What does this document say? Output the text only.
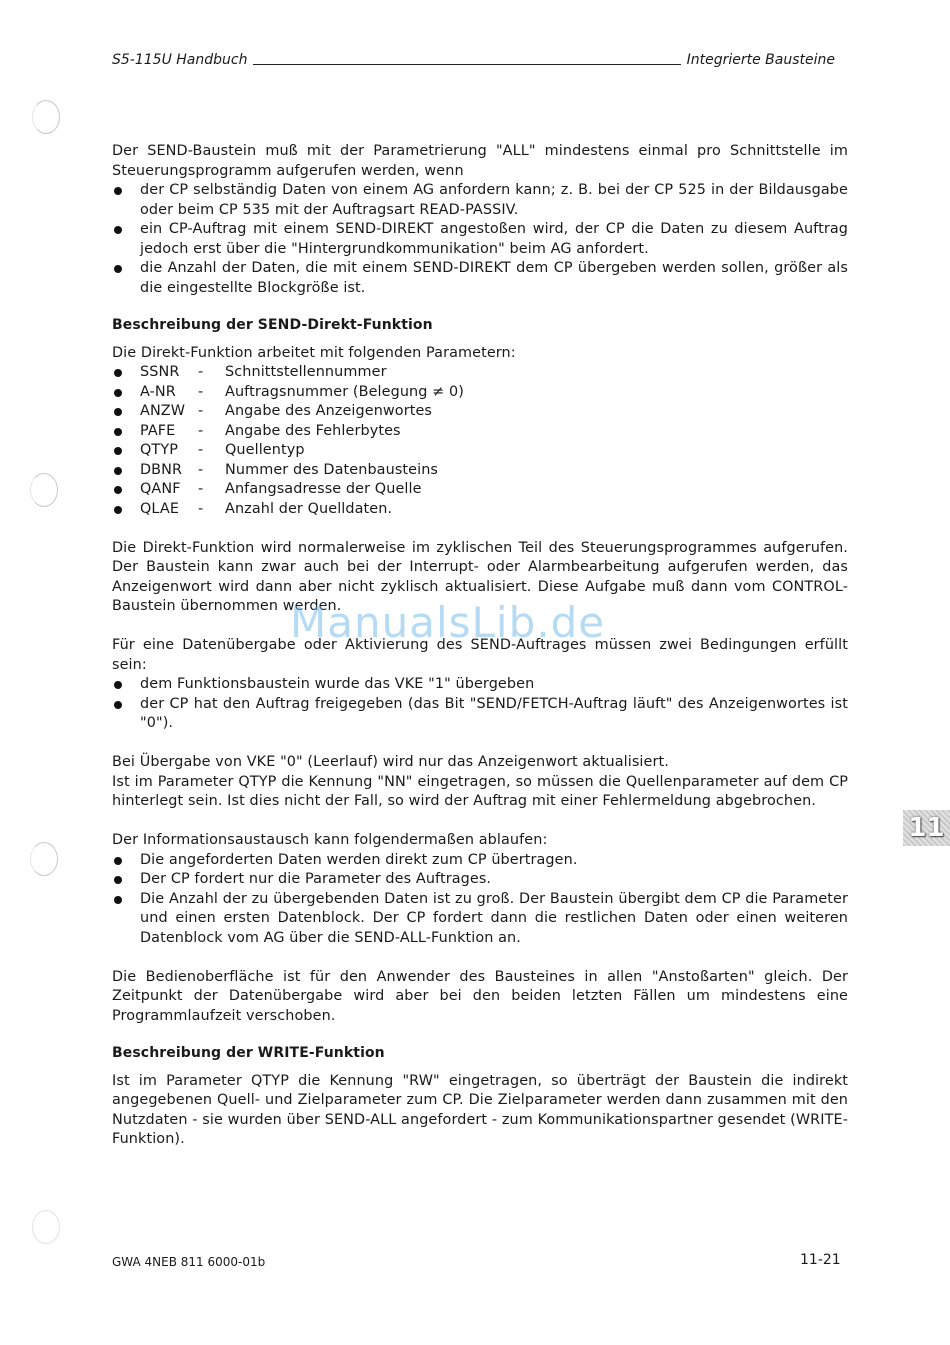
S5-115U Handbuch	Integrierte Bausteine

Der SEND-Baustein muß mit der Parametrierung "ALL" mindestens einmal pro Schnittstelle im Steuerungsprogramm aufgerufen werden, wenn

der CP selbständig Daten von einem AG anfordern kann; z. B. bei der CP 525 in der Bildausgabe oder beim CP 535 mit der Auftragsart READ-PASSIV.
ein CP-Auftrag mit einem SEND-DIREKT angestoßen wird, der CP die Daten zu diesem Auftrag jedoch erst über die "Hintergrundkommunikation" beim AG anfordert.
die Anzahl der Daten, die mit einem SEND-DIREKT dem CP übergeben werden sollen, größer als die eingestellte Blockgröße ist.

Beschreibung der SEND-Direkt-Funktion

Die Direkt-Funktion arbeitet mit folgenden Parametern:

SSNR	-	Schnittstellennummer
A-NR	-	Auftragsnummer (Belegung ≠ 0)
ANZW -	Angabe des Anzeigenwortes
PAFE	-	Angabe des Fehlerbytes
QTYP	-	Quellentyp
DBNR	-	Nummer des Datenbausteins
QANF	-	Anfangsadresse der Quelle
QLAE	-	Anzahl der Quelldaten.

Die Direkt-Funktion wird normalerweise im zyklischen Teil des Steuerungsprogrammes aufgerufen. Der Baustein kann zwar auch bei der Interrupt- oder Alarmbearbeitung aufgerufen werden, das Anzeigenwort wird dann aber nicht zyklisch aktualisiert. Diese Aufgabe muß dann vom CONTROL-Baustein übernommen werden.

Für eine Datenübergabe oder Aktivierung des SEND-Auftrages müssen zwei Bedingungen erfüllt sein:

dem Funktionsbaustein wurde das VKE "1" übergeben
der CP hat den Auftrag freigegeben (das Bit "SEND/FETCH-Auftrag läuft" des Anzeigenwortes ist "0").

Bei Übergabe von VKE "0" (Leerlauf) wird nur das Anzeigenwort aktualisiert.

Ist im Parameter QTYP die Kennung "NN" eingetragen, so müssen die Quellenparameter auf dem CP hinterlegt sein. Ist dies nicht der Fall, so wird der Auftrag mit einer Fehlermeldung abgebrochen.

Der Informationsaustausch kann folgendermaßen ablaufen:

Die angeforderten Daten werden direkt zum CP übertragen.
Der CP fordert nur die Parameter des Auftrages.
Die Anzahl der zu übergebenden Daten ist zu groß. Der Baustein übergibt dem CP die Parameter und einen ersten Datenblock. Der CP fordert dann die restlichen Daten oder einen weiteren Datenblock vom AG über die SEND-ALL-Funktion an.

Die Bedienoberfläche ist für den Anwender des Bausteines in allen "Anstoßarten" gleich. Der Zeitpunkt der Datenübergabe wird aber bei den beiden letzten Fällen um mindestens eine Programmlaufzeit verschoben.

Beschreibung der WRITE-Funktion

Ist im Parameter QTYP die Kennung "RW" eingetragen, so überträgt der Baustein die indirekt angegebenen Quell- und Zielparameter zum CP. Die Zielparameter werden dann zusammen mit den Nutzdaten - sie wurden über SEND-ALL angefordert - zum Kommunikationspartner gesendet (WRITE-Funktion).

ManualsLib.de
11
GWA 4NEB 811 6000-01b	11-21
